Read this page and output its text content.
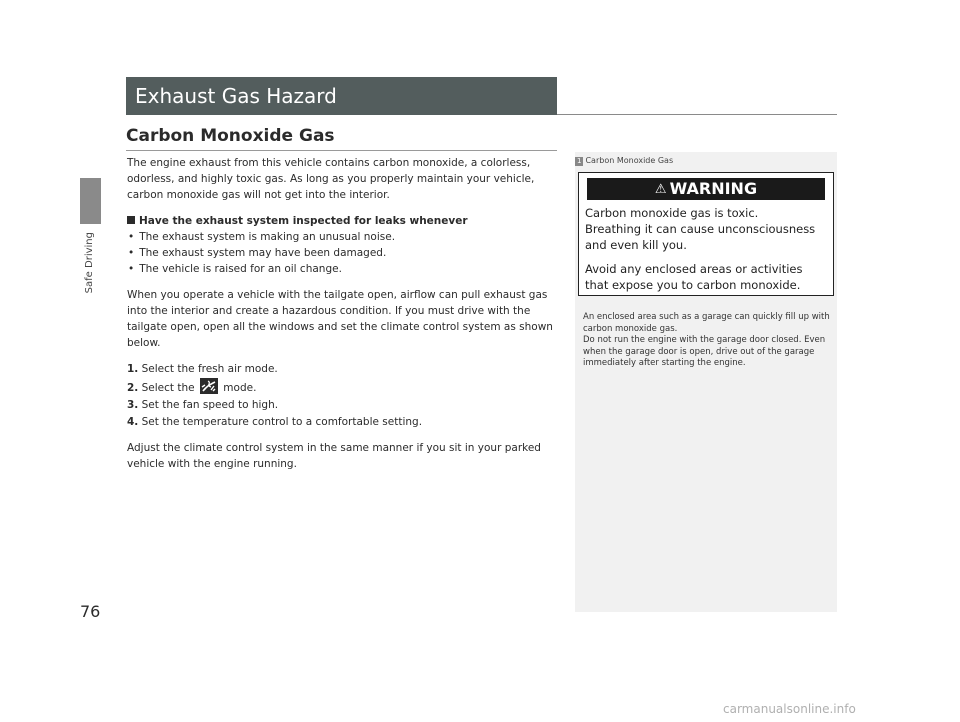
Safe Driving
Exhaust Gas Hazard
Carbon Monoxide Gas

The engine exhaust from this vehicle contains carbon monoxide, a colorless, odorless, and highly toxic gas. As long as you properly maintain your vehicle, carbon monoxide gas will not get into the interior.

Have the exhaust system inspected for leaks whenever

• The exhaust system is making an unusual noise.

• The exhaust system may have been damaged.

• The vehicle is raised for an oil change.

When you operate a vehicle with the tailgate open, airflow can pull exhaust gas into the interior and create a hazardous condition. If you must drive with the tailgate open, open all the windows and set the climate control system as shown below.

1. Select the fresh air mode.

2. Select the	mode.

3. Set the fan speed to high.

4. Set the temperature control to a comfortable setting.

Adjust the climate control system in the same manner if you sit in your parked vehicle with the engine running.

1 Carbon Monoxide Gas
⚠ WARNING

Carbon monoxide gas is toxic.

Breathing it can cause unconsciousness and even kill you.

Avoid any enclosed areas or activities that expose you to carbon monoxide.

An enclosed area such as a garage can quickly fill up with carbon monoxide gas.

Do not run the engine with the garage door closed. Even when the garage door is open, drive out of the garage immediately after starting the engine.

76
carmanualsonline.info
